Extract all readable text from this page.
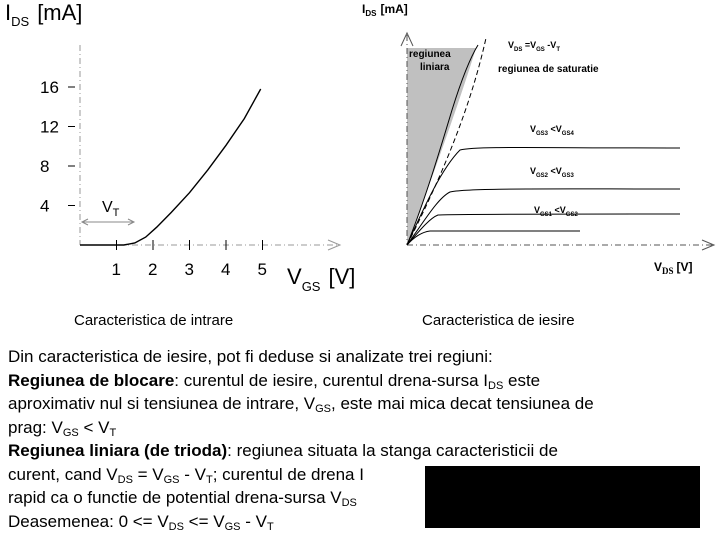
$I_{DS}$ [mA]
16
12
8
4
1 2 3 4 5 $V_{GS}$ [V]
$V_T$
$I_{DS}$ [mA]
regiunea
liniara
$V_{DS} =V_{GS}$ $-V_T$
regiunea de saturatie
$V_{GS3} <V_{GS4}$
$V_{GS2} <V_{GS3}$
$V_{GS1} <V_{GS2}$
$V_{DS}$ [V]
Caracteristica de intrare	Caracteristica de iesire

Din caracteristica de iesire, pot fi deduse si analizate trei regiuni:

Regiunea de blocare: curentul de iesire, curentul drena-sursa $I_{DS}$ este

aproximativ nul si tensiunea de intrare, $V_{GS}$, este mai mica decat tensiunea de

prag: $V_{GS} < V_T$

Regiunea liniara (de trioda): regiunea situata la stanga caracteristicii de

curent, cand $V_{DS} = V_{GS} - V_T$; curentul de drena I

rapid ca o functie de potential drena-sursa $V_{DS}$

Deasemenea: $0 <= V_{DS} <= V_{GS} - V_T$
